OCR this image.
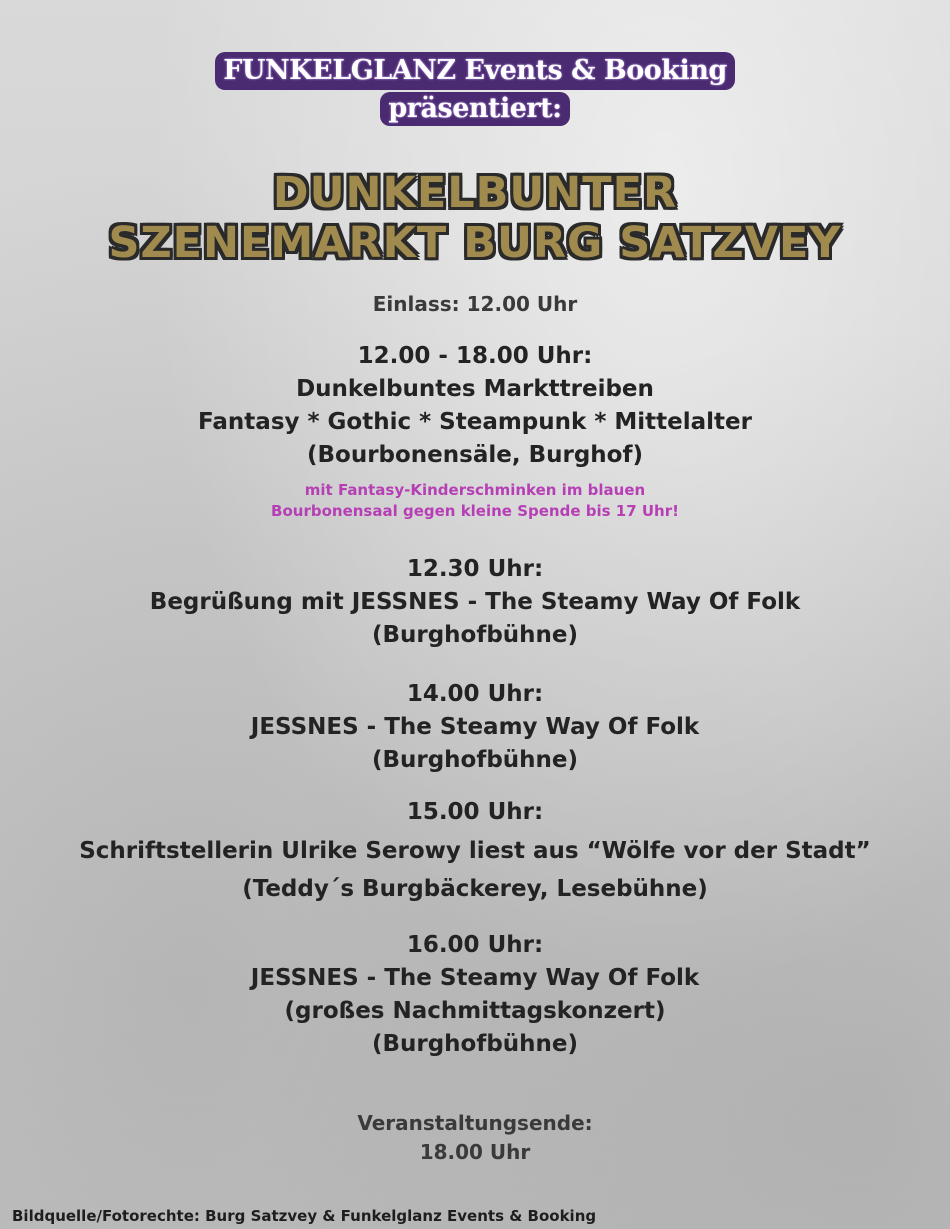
FUNKELGLANZ Events & Booking
präsentiert:
DUNKELBUNTER
SZENEMARKT BURG SATZVEY
Einlass: 12.00 Uhr
12.00 - 18.00 Uhr:
Dunkelbuntes Markttreiben
Fantasy * Gothic * Steampunk * Mittelalter
(Bourbonensäle, Burghof)
mit Fantasy-Kinderschminken im blauen
Bourbonensaal gegen kleine Spende bis 17 Uhr!
12.30 Uhr:
Begrüßung mit JESSNES - The Steamy Way Of Folk
(Burghofbühne)
14.00 Uhr:
JESSNES - The Steamy Way Of Folk
(Burghofbühne)
15.00 Uhr:
Schriftstellerin Ulrike Serowy liest aus “Wölfe vor der Stadt”
(Teddy´s Burgbäckerey, Lesebühne)
16.00 Uhr:
JESSNES - The Steamy Way Of Folk
(großes Nachmittagskonzert)
(Burghofbühne)
Veranstaltungsende:
18.00 Uhr
Bildquelle/Fotorechte: Burg Satzvey & Funkelglanz Events & Booking
